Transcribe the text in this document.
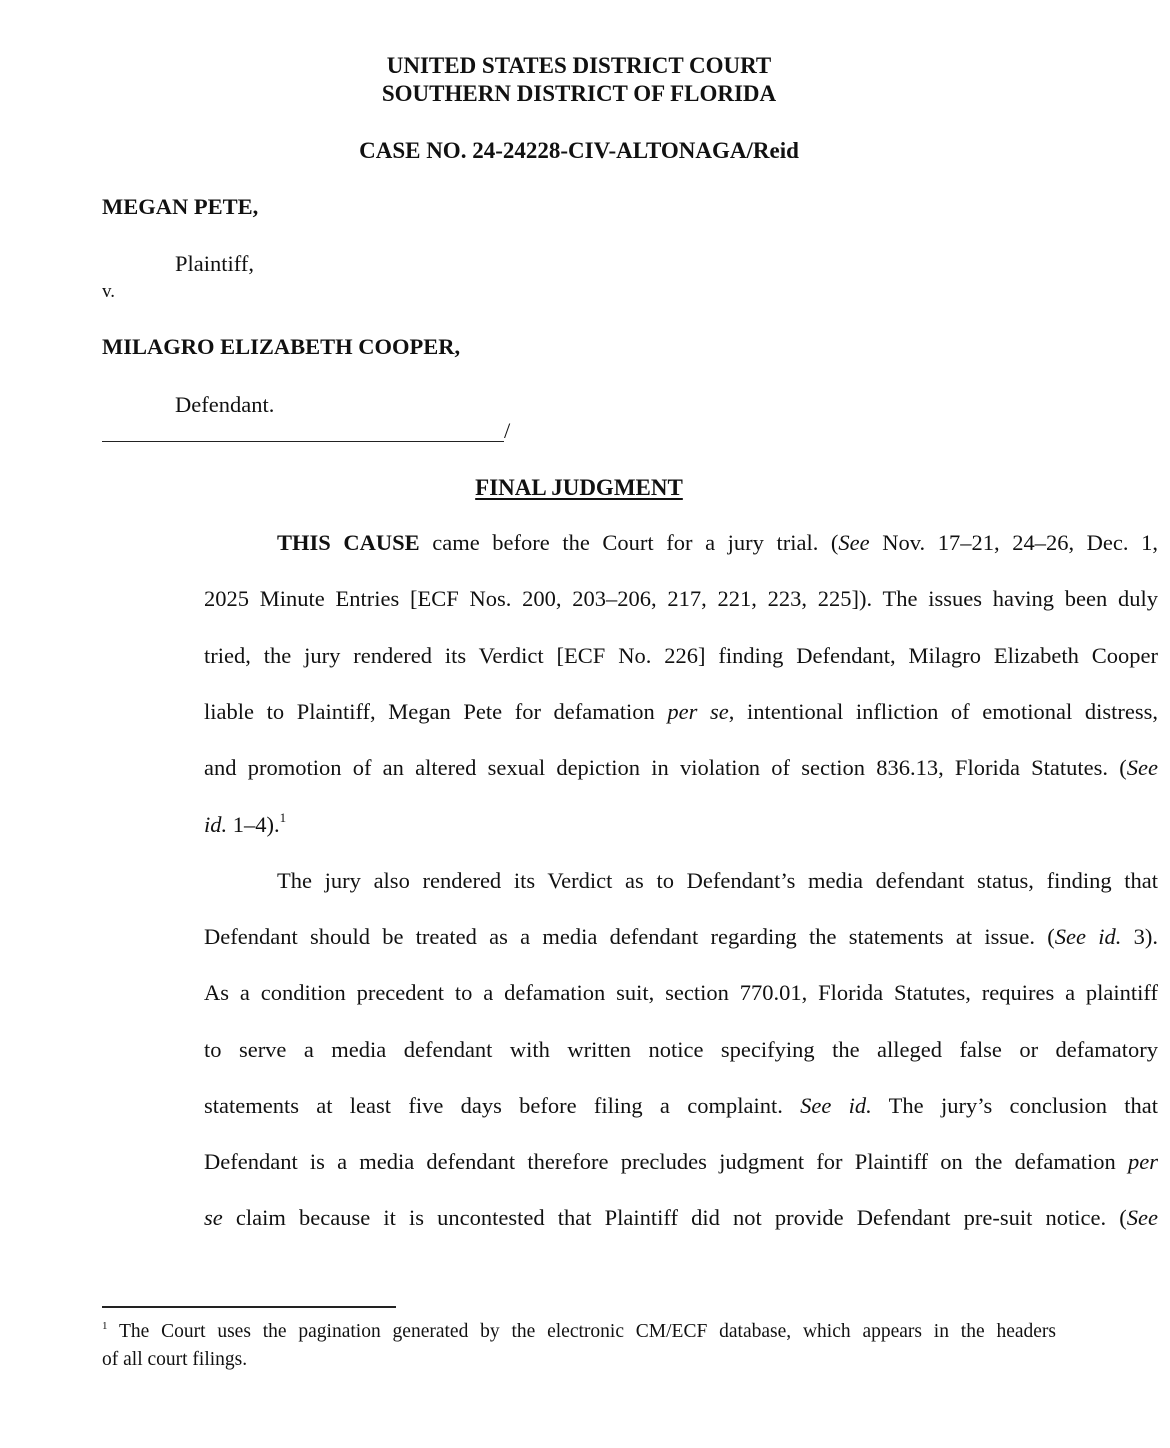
UNITED STATES DISTRICT COURT
SOUTHERN DISTRICT OF FLORIDA
CASE NO. 24-24228-CIV-ALTONAGA/Reid
MEGAN PETE,
Plaintiff,
v.
MILAGRO ELIZABETH COOPER,
Defendant.
/
FINAL JUDGMENT
THIS CAUSE came before the Court for a jury trial. (See Nov. 17–21, 24–26, Dec. 1,
2025 Minute Entries [ECF Nos. 200, 203–206, 217, 221, 223, 225]). The issues having been duly
tried, the jury rendered its Verdict [ECF No. 226] finding Defendant, Milagro Elizabeth Cooper
liable to Plaintiff, Megan Pete for defamation per se, intentional infliction of emotional distress,
and promotion of an altered sexual depiction in violation of section 836.13, Florida Statutes. (See
id. 1–4).$^1$
The jury also rendered its Verdict as to Defendant’s media defendant status, finding that
Defendant should be treated as a media defendant regarding the statements at issue. (See id. 3).
As a condition precedent to a defamation suit, section 770.01, Florida Statutes, requires a plaintiff
to serve a media defendant with written notice specifying the alleged false or defamatory
statements at least five days before filing a complaint. See id. The jury’s conclusion that
Defendant is a media defendant therefore precludes judgment for Plaintiff on the defamation per
se claim because it is uncontested that Plaintiff did not provide Defendant pre-suit notice. (See
$^1$ The Court uses the pagination generated by the electronic CM/ECF database, which appears in the headers
of all court filings.
